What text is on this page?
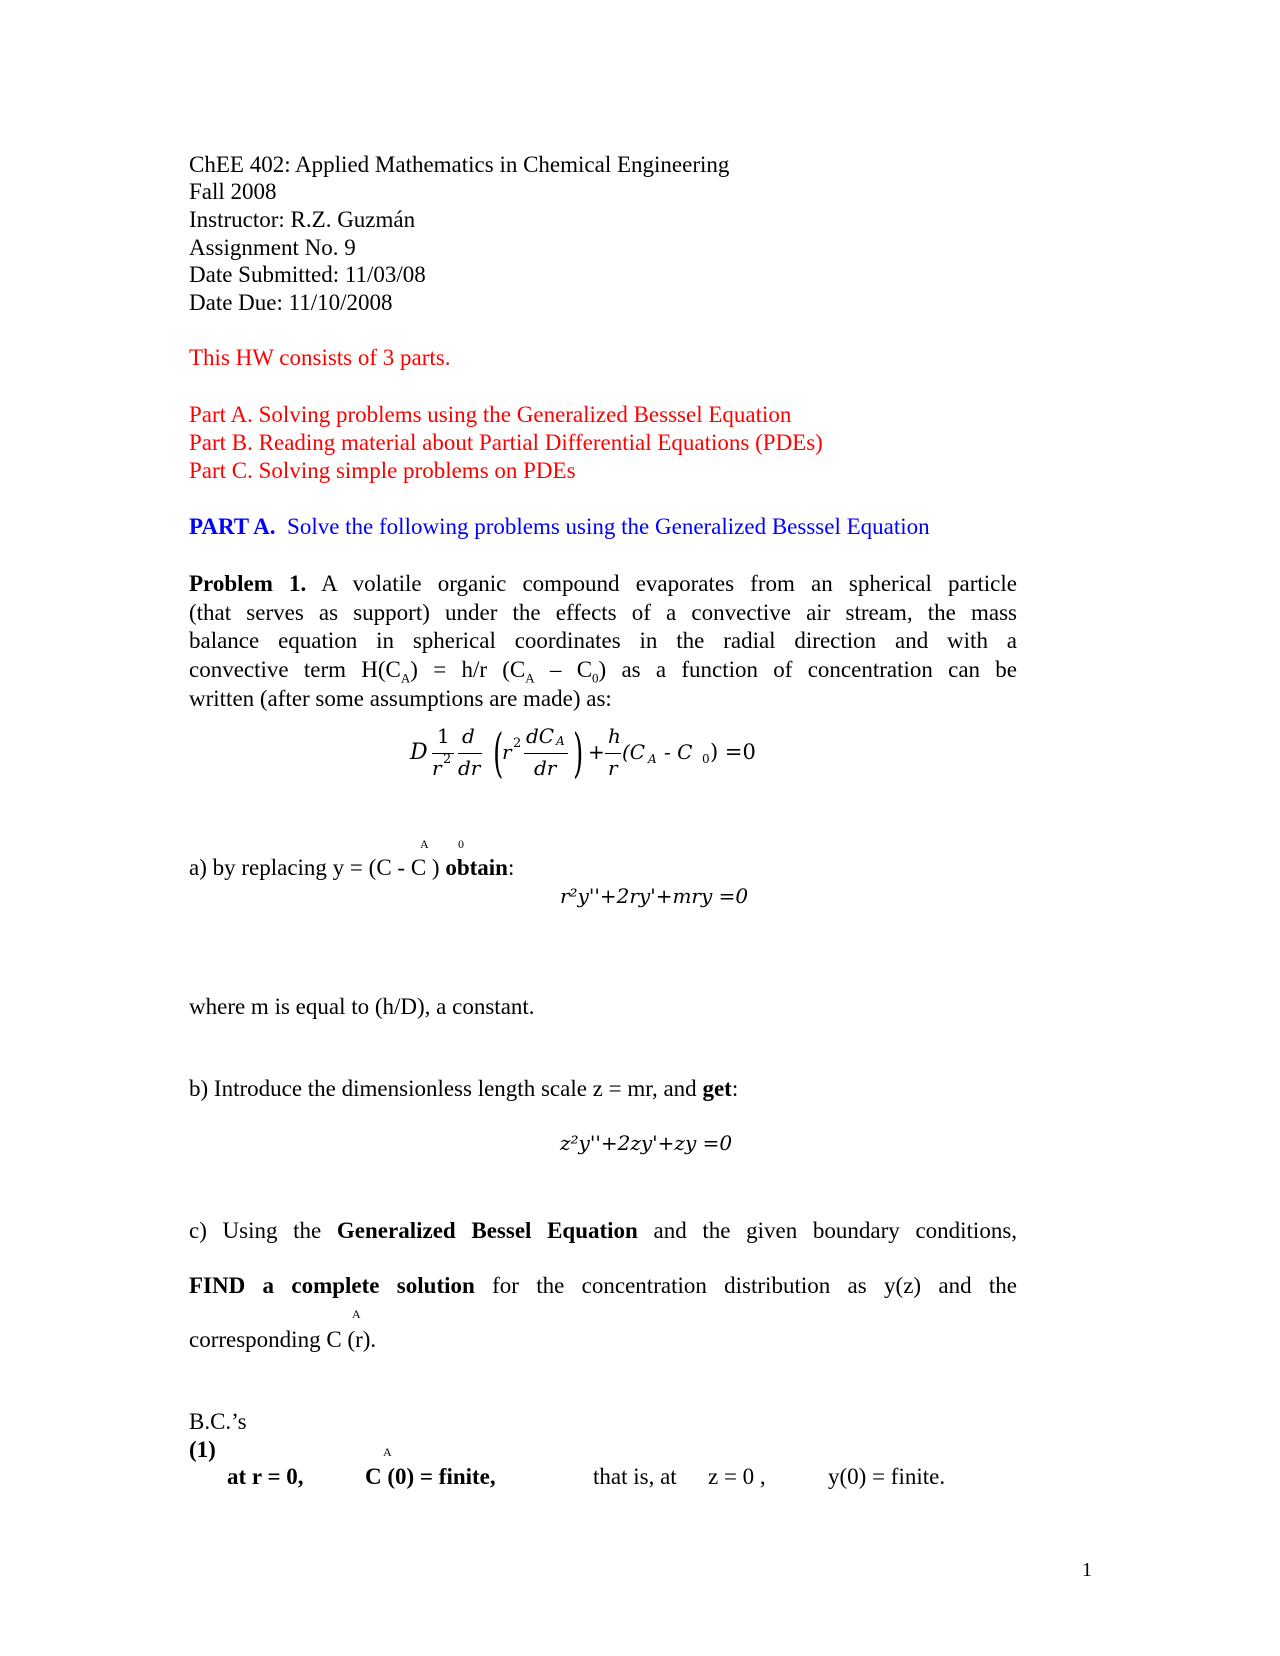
ChEE 402: Applied Mathematics in Chemical Engineering
Fall 2008
Instructor: R.Z. Guzmán
Assignment No. 9
Date Submitted: 11/03/08
Date Due: 11/10/2008
This HW consists of 3 parts.
Part A. Solving problems using the Generalized Besssel Equation
Part B. Reading material about Partial Differential Equations (PDEs)
Part C. Solving simple problems on PDEs
PART A. Solve the following problems using the Generalized Besssel Equation
Problem 1. A volatile organic compound evaporates from an spherical particle
(that serves as support) under the effects of a convective air stream, the mass
balance equation in spherical coordinates in the radial direction and with a
convective term $H(C_A) = h/r$ $(C_A - C_0)$ as a function of concentration can be
written (after some assumptions are made) as:
D
1 d
r 2 dr (
r 2 dC A
dr ) +
h
r
(C A - C 0 ) =0
A 0
a) by replacing y = (C - C ) obtain:
r²y''+2ry'+mry =0
where m is equal to (h/D), a constant.
b) Introduce the dimensionless length scale z = mr, and get:
z²y''+2zy'+zy =0
c) Using the Generalized Bessel Equation and the given boundary conditions,
FIND a complete solution for the concentration distribution as y(z) and the
A
corresponding C (r).
B.C.’s
(1)
at r = 0,
A
C (0) = finite,	that is, at z = 0 ,	y(0) = finite.
1
